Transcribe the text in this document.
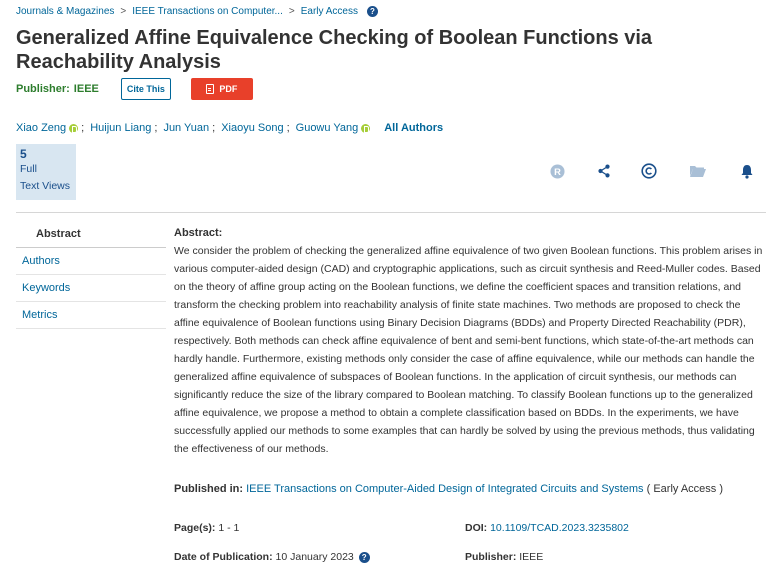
Journals & Magazines > IEEE Transactions on Computer... > Early Access	?
Generalized Affine Equivalence Checking of Boolean Functions via Reachability Analysis
Publisher: IEEE	Cite This	PDF
Xiao Zeng ; Huijun Liang ; Jun Yuan ; Xiaoyu Song ; Guowu Yang All Authors
5
Full
Text Views
R
Abstract
Authors
Keywords
Metrics
Abstract:
We consider the problem of checking the generalized affine equivalence of two given Boolean functions. This problem arises in various computer-aided design (CAD) and cryptographic applications, such as circuit synthesis and Reed-Muller codes. Based on the theory of affine group acting on the Boolean functions, we define the coefficient spaces and transition relations, and transform the checking problem into reachability analysis of finite state machines. Two methods are proposed to check the affine equivalence of Boolean functions using Binary Decision Diagrams (BDDs) and Property Directed Reachability (PDR), respectively. Both methods can check affine equivalence of bent and semi-bent functions, which state-of-the-art methods can hardly handle. Furthermore, existing methods only consider the case of affine equivalence, while our methods can handle the generalized affine equivalence of subspaces of Boolean functions. In the application of circuit synthesis, our methods can significantly reduce the size of the library compared to Boolean matching. To classify Boolean functions up to the generalized affine equivalence, we propose a method to obtain a complete classification based on BDDs. In the experiments, we have successfully applied our methods to some examples that can hardly be solved by using the previous methods, thus validating the effectiveness of our methods.
Published in: IEEE Transactions on Computer-Aided Design of Integrated Circuits and Systems ( Early Access )
Page(s): 1 - 1	DOI: 10.1109/TCAD.2023.3235802
Date of Publication:
10 January 2023	?	Publisher: IEEE
